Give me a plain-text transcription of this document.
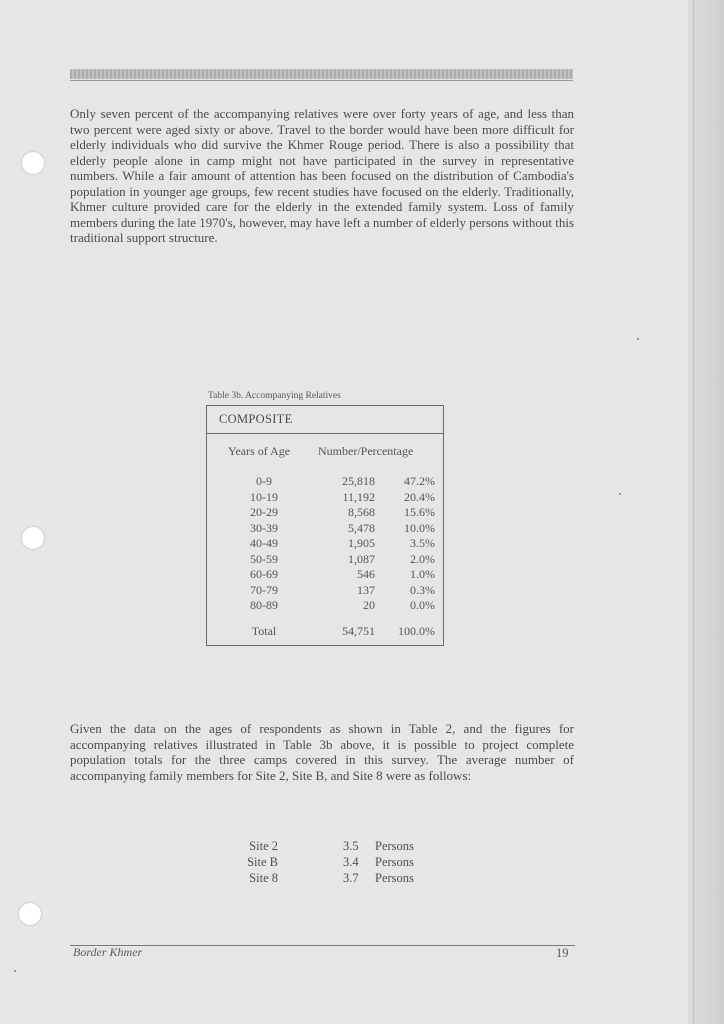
Only seven percent of the accompanying relatives were over forty years of age, and less than two percent were aged sixty or above. Travel to the border would have been more difficult for elderly individuals who did survive the Khmer Rouge period. There is also a possibility that elderly people alone in camp might not have participated in the survey in representative numbers. While a fair amount of attention has been focused on the distribution of Cambodia's population in younger age groups, few recent studies have focused on the elderly. Traditionally, Khmer culture provided care for the elderly in the extended family system. Loss of family members during the late 1970's, however, may have left a number of elderly persons without this traditional support structure.

Table 3b. Accompanying Relatives
COMPOSITE
Years of Age Number/Percentage
0-9	25,818	47.2%
10-19	11,192	20.4%
20-29	8,568	15.6%
30-39	5,478	10.0%
40-49	1,905	3.5%
50-59	1,087	2.0%
60-69	546	1.0%
70-79	137	0.3%
80-89	20	0.0%
Total	54,751	100.0%

Given the data on the ages of respondents as shown in Table 2, and the figures for accompanying relatives illustrated in Table 3b above, it is possible to project complete population totals for the three camps covered in this survey. The average number of accompanying family members for Site 2, Site B, and Site 8 were as follows:

Site 2	3.5 Persons
Site B	3.4 Persons
Site 8	3.7 Persons
Border Khmer	19
